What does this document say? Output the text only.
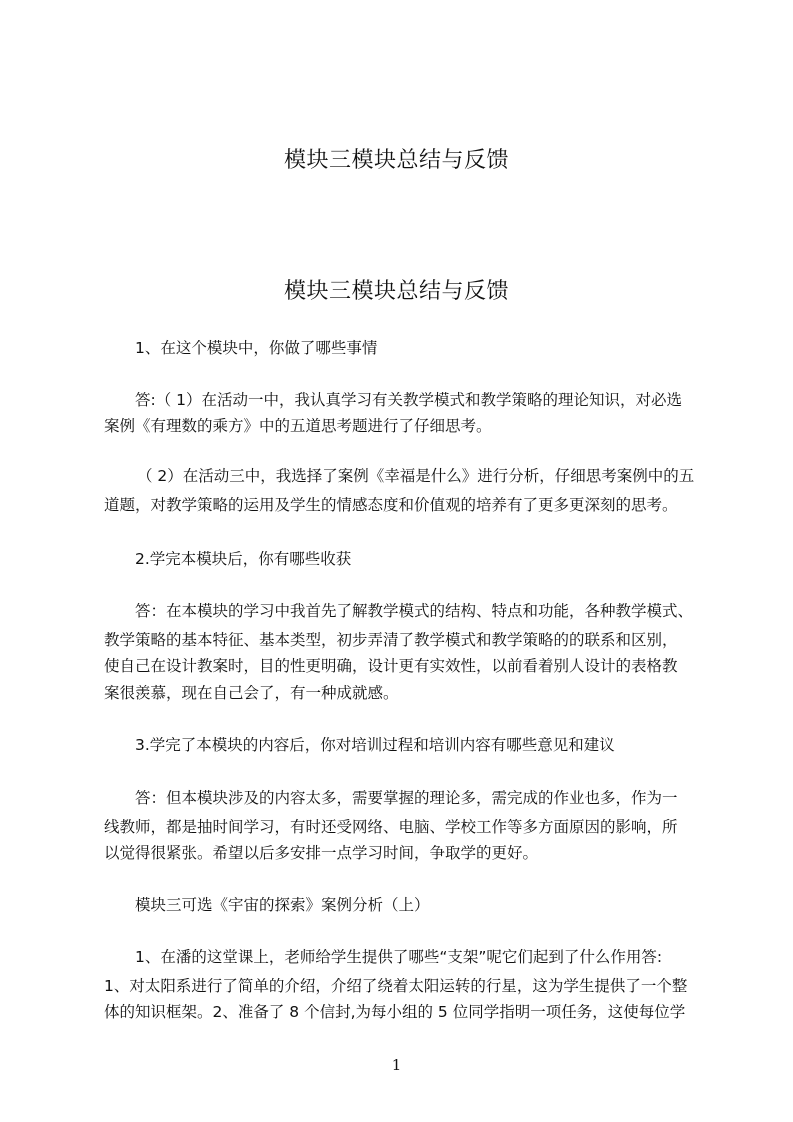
模块三模块总结与反馈
模块三模块总结与反馈
1、在这个模块中，你做了哪些事情
答:（ 1）在活动一中，我认真学习有关教学模式和教学策略的理论知识，对必选
案例《有理数的乘方》中的五道思考题进行了仔细思考。
（ 2）在活动三中，我选择了案例《幸福是什么》进行分析，仔细思考案例中的五
道题，对教学策略的运用及学生的情感态度和价值观的培养有了更多更深刻的思考。
2.学完本模块后，你有哪些收获
答：在本模块的学习中我首先了解教学模式的结构、特点和功能，各种教学模式、
教学策略的基本特征、基本类型，初步弄清了教学模式和教学策略的的联系和区别，
使自己在设计教案时，目的性更明确，设计更有实效性，以前看着别人设计的表格教
案很羡慕，现在自己会了，有一种成就感。
3.学完了本模块的内容后，你对培训过程和培训内容有哪些意见和建议
答：但本模块涉及的内容太多，需要掌握的理论多，需完成的作业也多，作为一
线教师，都是抽时间学习，有时还受网络、电脑、学校工作等多方面原因的影响，所
以觉得很紧张。希望以后多安排一点学习时间，争取学的更好。
模块三可选《宇宙的探索》案例分析（上）
1、在潘的这堂课上，老师给学生提供了哪些“支架”呢它们起到了什么作用答:
1、对太阳系进行了简单的介绍，介绍了绕着太阳运转的行星，这为学生提供了一个整
体的知识框架。2、准备了 8 个信封,为每小组的 5 位同学指明一项任务，这使每位学
1
